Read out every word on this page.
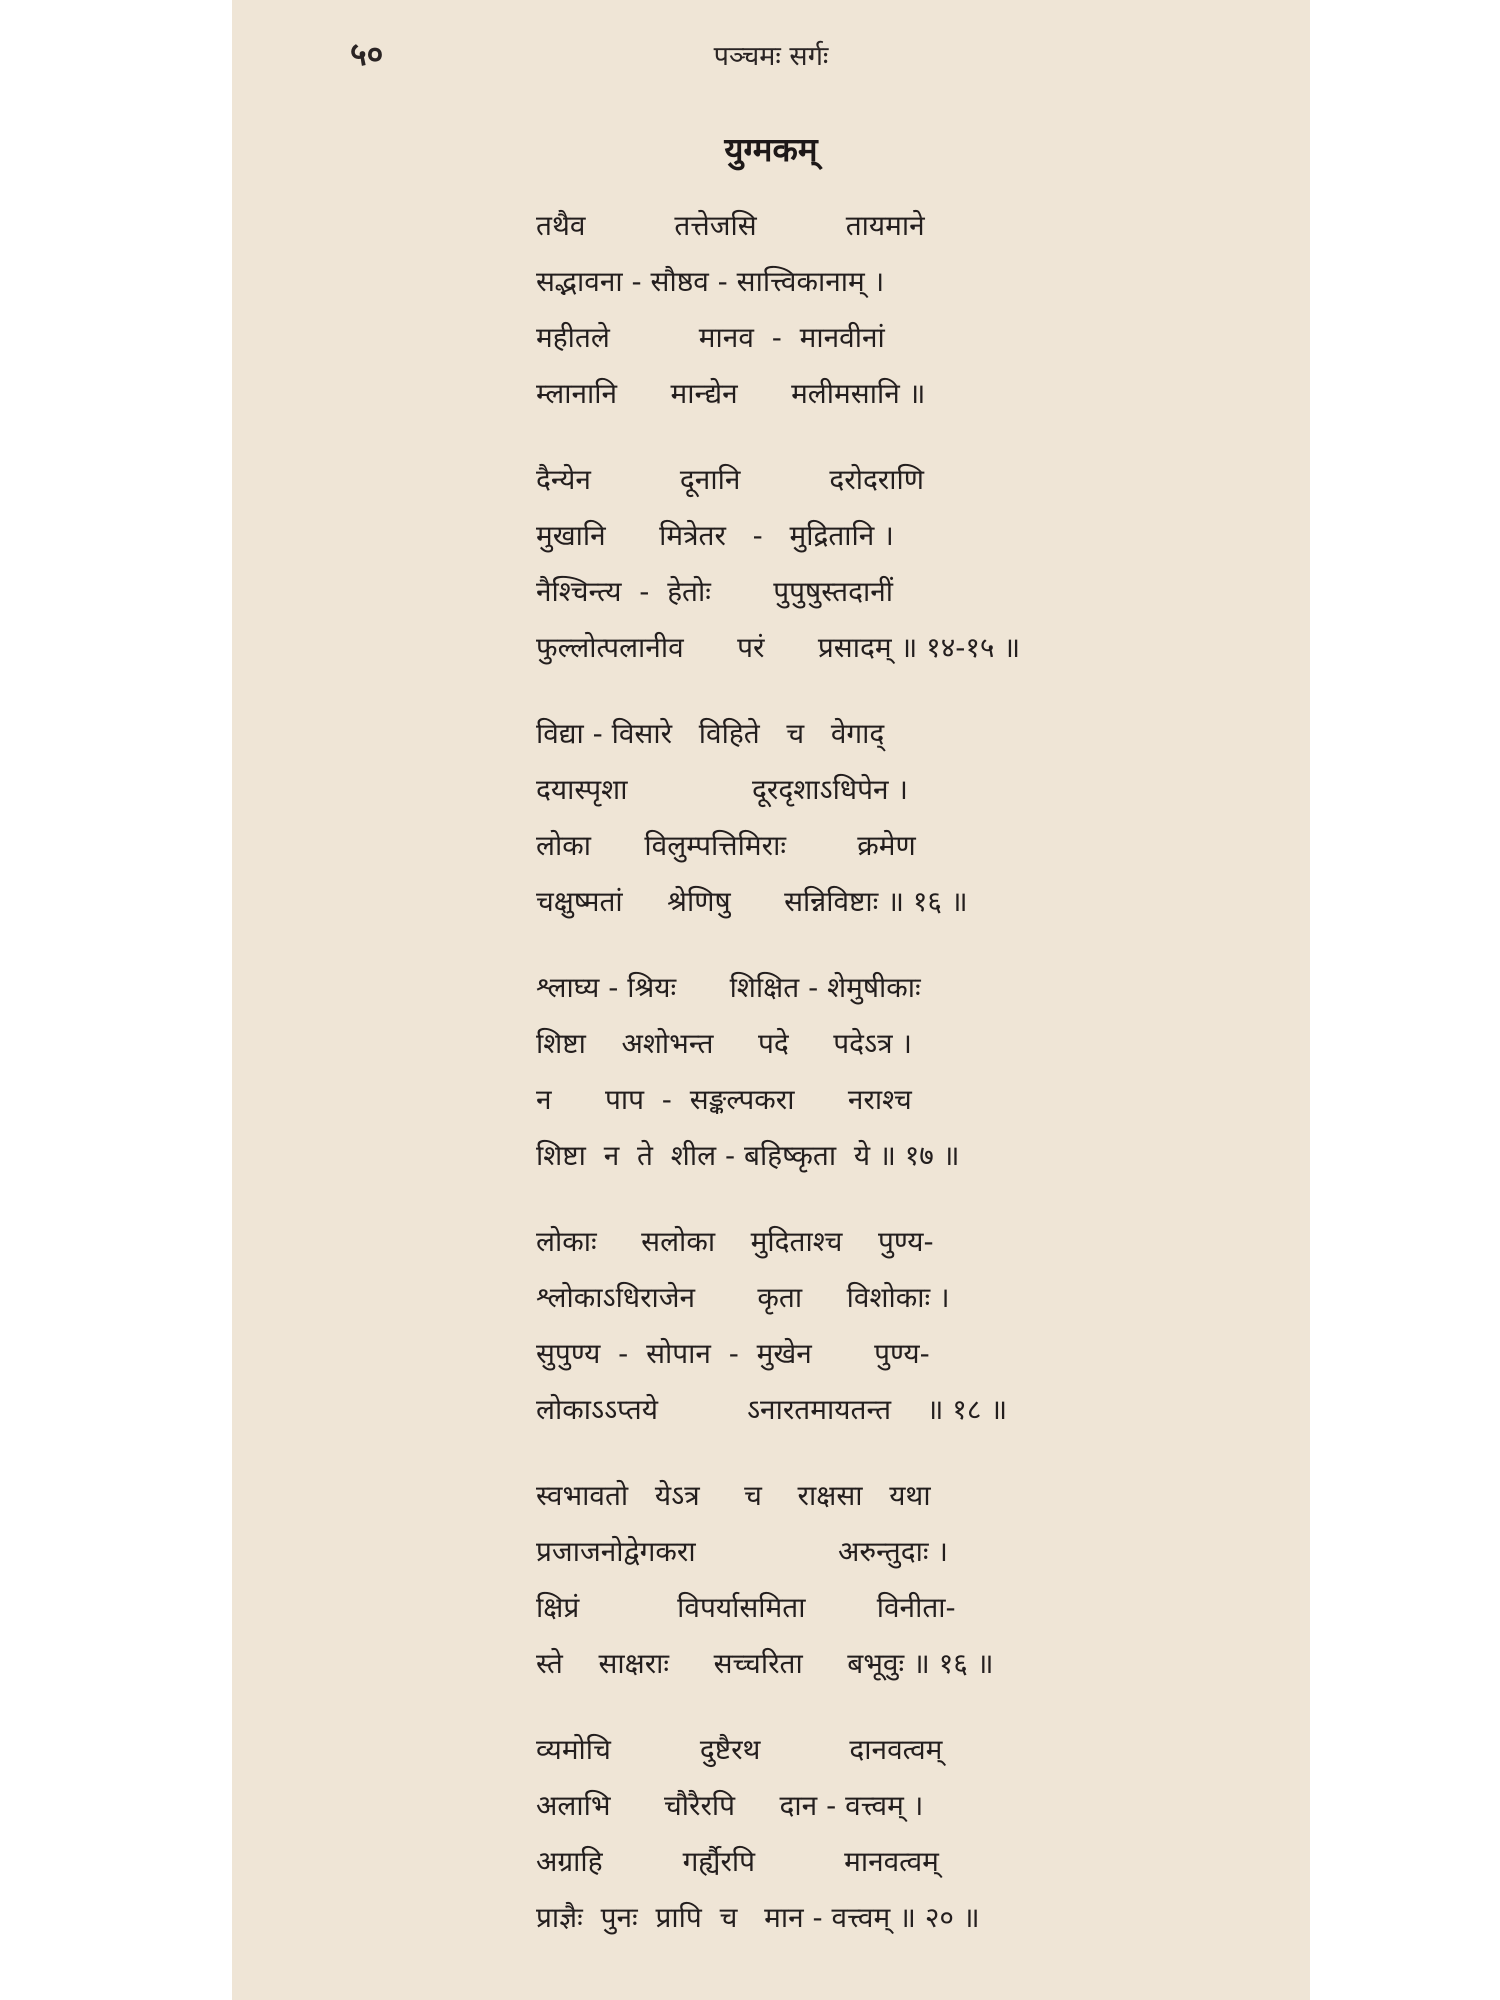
५०	पञ्चमः सर्गः
युग्मकम्
तथैव          तत्तेजसि          तायमाने
सद्भावना - सौष्ठव - सात्त्विकानाम् ।
महीतले          मानव  -  मानवीनां
म्लानानि      मान्द्येन      मलीमसानि ॥
दैन्येन          दूनानि          दरोदराणि
मुखानि      मित्रेतर   -   मुद्रितानि ।
नैश्चिन्त्य  -  हेतोः       पुपुषुस्तदानीं
फुल्लोत्पलानीव      परं      प्रसादम् ॥ १४-१५ ॥
विद्या - विसारे   विहिते   च   वेगाद्
दयास्पृशा              दूरदृशाऽधिपेन ।
लोका      विलुम्पत्तिमिराः        क्रमेण
चक्षुष्मतां     श्रेणिषु      सन्निविष्टाः ॥ १६ ॥
श्लाघ्य - श्रियः      शिक्षित - शेमुषीकाः
शिष्टा    अशोभन्त     पदे     पदेऽत्र ।
न      पाप  -  सङ्कल्पकरा      नराश्च
शिष्टा  न  ते  शील - बहिष्कृता  ये ॥ १७ ॥
लोकाः     सलोका    मुदिताश्च    पुण्य-
श्लोकाऽधिराजेन       कृता     विशोकाः ।
सुपुण्य  -  सोपान  -  मुखेन       पुण्य-
लोकाऽऽप्तये          ऽनारतमायतन्त    ॥ १८ ॥
स्वभावतो   येऽत्र     च    राक्षसा   यथा
प्रजाजनोद्वेगकरा                अरुन्तुदाः ।
क्षिप्रं           विपर्यासमिता        विनीता-
स्ते    साक्षराः     सच्चरिता     बभूवुः ॥ १६ ॥
व्यमोचि          दुष्टैरथ          दानवत्वम्
अलाभि      चौरैरपि     दान - वत्त्वम् ।
अग्राहि         गर्ह्यैरपि          मानवत्वम्
प्राज्ञैः  पुनः  प्रापि  च   मान - वत्त्वम् ॥ २० ॥
